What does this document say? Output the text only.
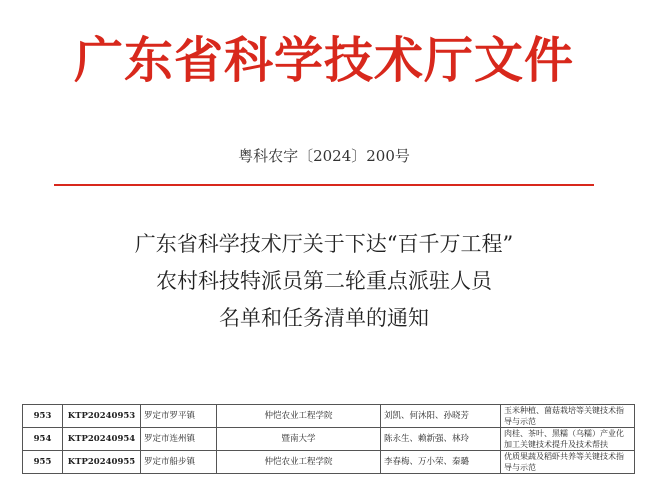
广东省科学技术厅文件
粤科农字〔2024〕200号
广东省科学技术厅关于下达“百千万工程”
农村科技特派员第二轮重点派驻人员
名单和任务清单的通知
953	KTP20240953	罗定市罗平镇	仲恺农业工程学院	刘凯、何沐阳、孙晓芳	玉米种植、菌菇栽培等关键技术指导与示范
954	KTP20240954	罗定市连州镇	暨南大学	陈永生、赖新强、林玲	肉桂、茶叶、黑糯（乌糯）产业化加工关键技术提升及技术帮扶
955	KTP20240955	罗定市船步镇	仲恺农业工程学院	李春梅、万小荣、秦璐	优质果蔬及稻虾共养等关键技术指导与示范
